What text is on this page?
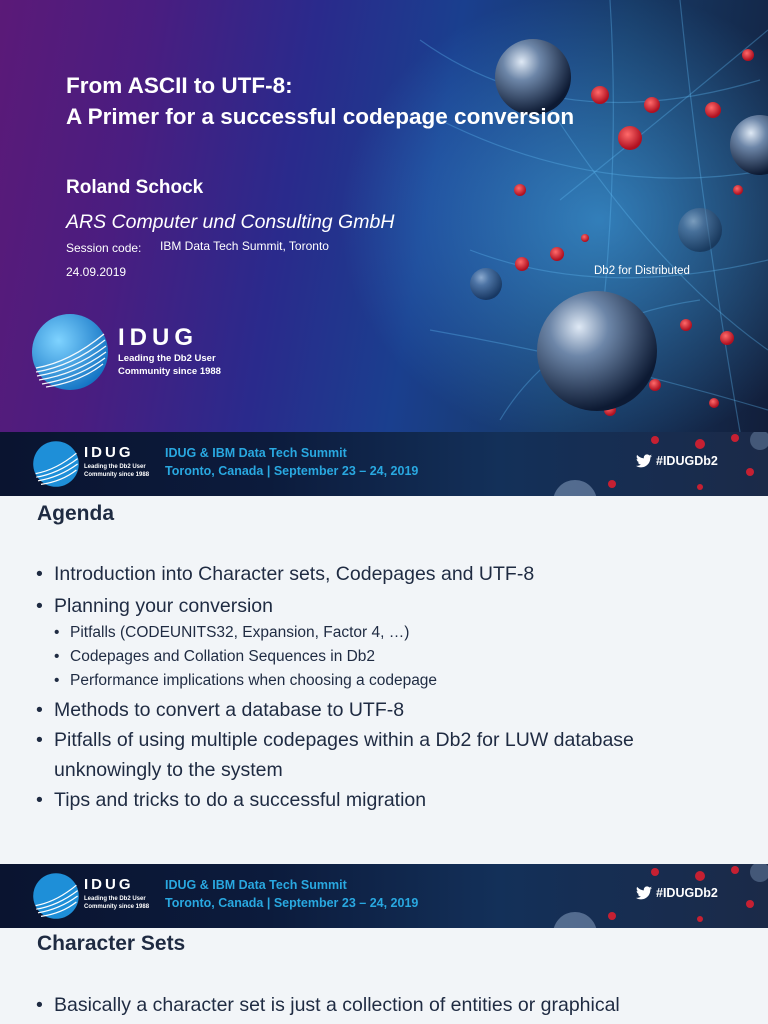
From ASCII to UTF-8:
A Primer for a successful codepage conversion
Roland Schock
ARS Computer und Consulting GmbH
Session code: IBM Data Tech Summit, Toronto
24.09.2019	Db2 for Distributed
IDUG
Leading the Db2 User
Community since 1988
IDUG
Leading the Db2 User
Community since 1988
IDUG & IBM Data Tech Summit
Toronto, Canada | September 23 – 24, 2019
#IDUGDb2
Agenda
• Introduction into Character sets, Codepages and UTF-8
• Planning your conversion
• Pitfalls (CODEUNITS32, Expansion, Factor 4, …)
• Codepages and Collation Sequences in Db2
• Performance implications when choosing a codepage
• Methods to convert a database to UTF-8
• Pitfalls of using multiple codepages within a Db2 for LUW database
unknowingly to the system
• Tips and tricks to do a successful migration
IDUG
Leading the Db2 User
Community since 1988
IDUG & IBM Data Tech Summit
Toronto, Canada | September 23 – 24, 2019
#IDUGDb2
Character Sets
• Basically a character set is just a collection of entities or graphical
